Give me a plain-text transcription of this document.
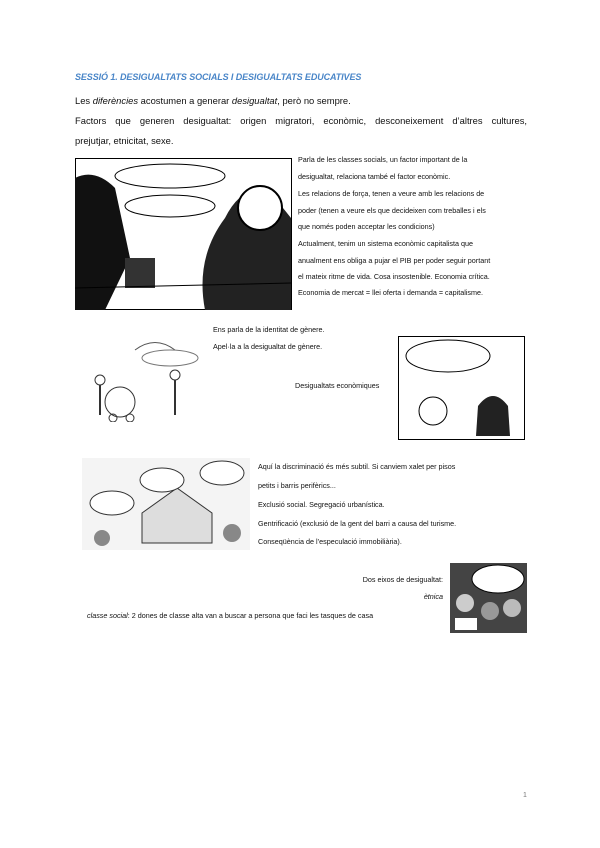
SESSIÓ 1. DESIGUALTATS SOCIALS I DESIGUALTATS EDUCATIVES
Les diferències acostumen a generar desigualtat, però no sempre.
Factors que generen desigualtat: origen migratori, econòmic, desconeixement d’altres cultures,
prejutjar, etnicitat, sexe.
Parla de les classes socials, un factor important de la
desigualtat, relaciona també el factor econòmic.
Les relacions de força, tenen a veure amb les relacions de
poder (tenen a veure els que decideixen com treballes i els
que només poden acceptar les condicions)
Actualment, tenim un sistema econòmic capitalista que
anualment ens obliga a pujar el PIB per poder seguir portant
el mateix ritme de vida. Cosa insostenible. Economia crítica.
Economia de mercat = llei oferta i demanda = capitalisme.
Ens parla de la identitat de gènere.
Apel·la a la desigualtat de gènere.
Desigualtats econòmiques
Aquí la discriminació és més subtil. Si canviem xalet per pisos
petits i barris perifèrics...
Exclusió social. Segregació urbanística.
Gentrificació (exclusió de la gent del barri a causa del turisme.
Conseqüència de l’especulació immobiliària).
Dos eixos de desigualtat:
ètnica
classe social: 2 dones de classe alta van a buscar a persona que faci les tasques de casa
1
